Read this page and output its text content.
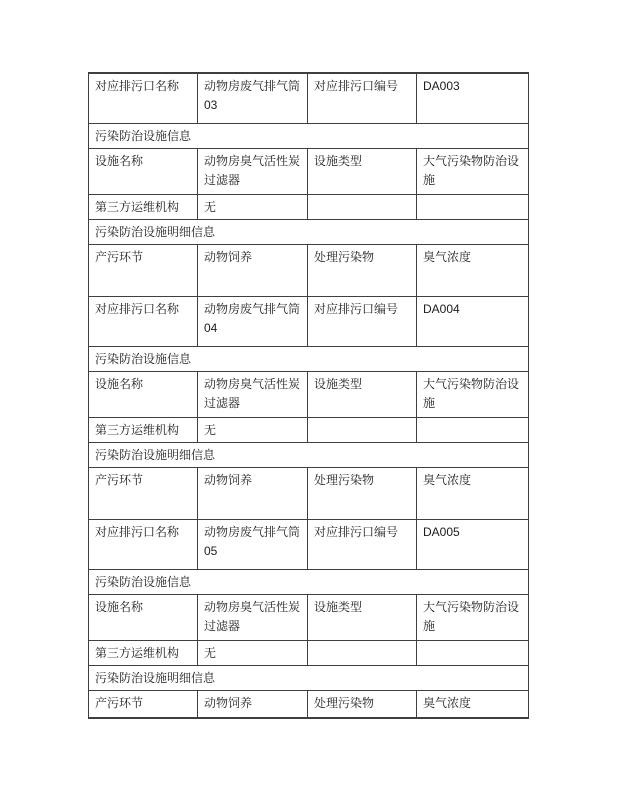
对应排污口名称	动物房废气排气筒03	对应排污口编号	DA003
污染防治设施信息			
设施名称	动物房臭气活性炭过滤器	设施类型	大气污染物防治设施
第三方运维机构	无		
污染防治设施明细信息			
产污环节	动物饲养	处理污染物	臭气浓度
对应排污口名称	动物房废气排气筒04	对应排污口编号	DA004
污染防治设施信息			
设施名称	动物房臭气活性炭过滤器	设施类型	大气污染物防治设施
第三方运维机构	无		
污染防治设施明细信息			
产污环节	动物饲养	处理污染物	臭气浓度
对应排污口名称	动物房废气排气筒05	对应排污口编号	DA005
污染防治设施信息			
设施名称	动物房臭气活性炭过滤器	设施类型	大气污染物防治设施
第三方运维机构	无		
污染防治设施明细信息			
产污环节	动物饲养	处理污染物	臭气浓度
